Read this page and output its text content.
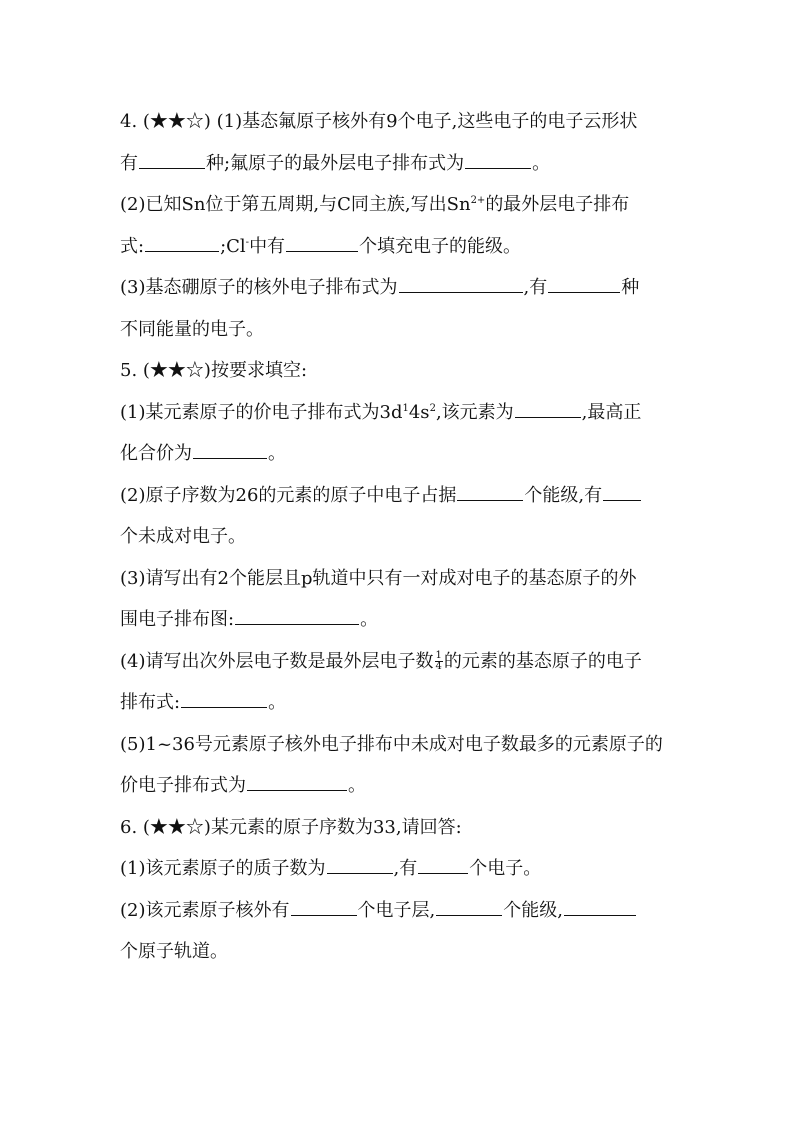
4. (★★☆) (1)基态氟原子核外有9个电子,这些电子的电子云形状
有	种;氟原子的最外层电子排布式为	。
(2)已知Sn位于第五周期,与C同主族,写出$Sn^{2+}$的最外层电子排布
式:	;Cl-中有	个填充电子的能级。
(3)基态硼原子的核外电子排布式为	,有	种
不同能量的电子。
5. (★★☆)按要求填空:
(1)某元素原子的价电子排布式为$3d^14s^2$,该元素为	,最高正
化合价为	。
(2)原子序数为26的元素的原子中电子占据	个能级,有
个未成对电子。
(3)请写出有2个能层且p轨道中只有一对成对电子的基态原子的外
围电子排布图:	。
(4)请写出次外层电子数是最外层电子数 $\frac{1}{4}$ 的元素的基态原子的电子
排布式:	。
(5)1~36号元素原子核外电子排布中未成对电子数最多的元素原子的
价电子排布式为	。
6. (★★☆)某元素的原子序数为33,请回答:
(1)该元素原子的质子数为	,有	个电子。
(2)该元素原子核外有	个电子层,	个能级,
个原子轨道。
